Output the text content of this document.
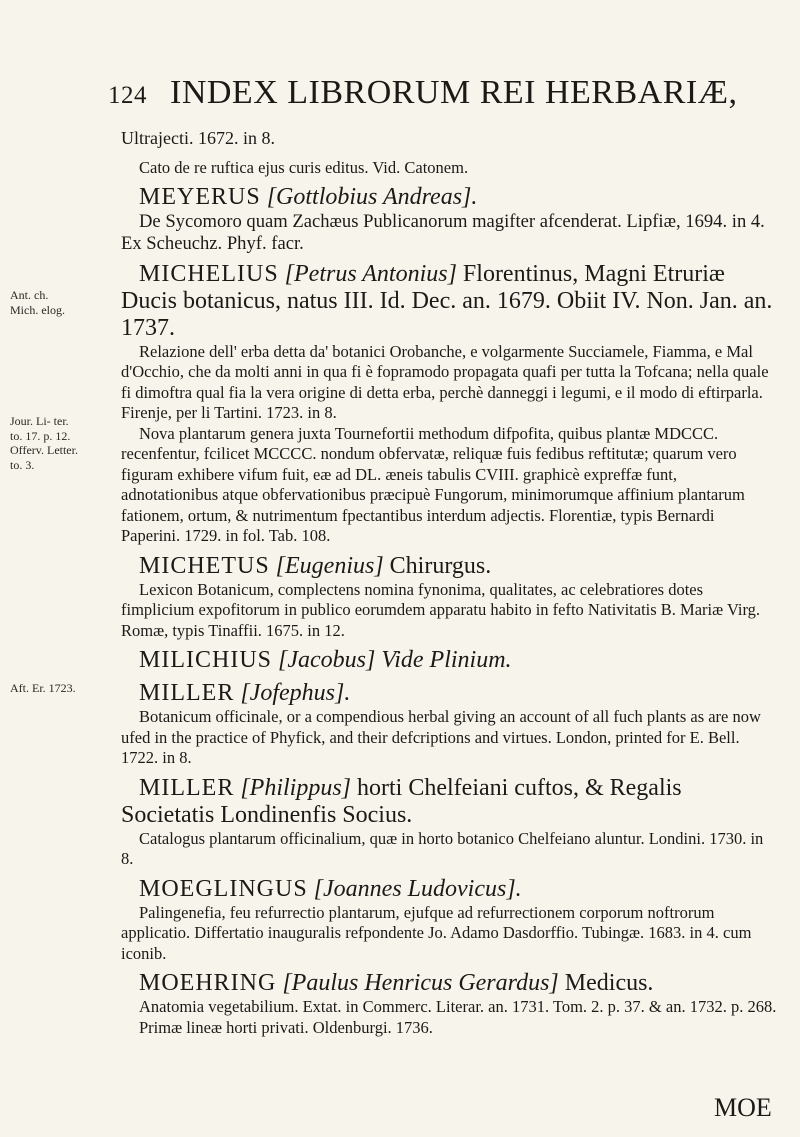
124 INDEX LIBRORUM REI HERBARIÆ,
Ant. ch. Mich. elog.
Jour. Li- ter. to. 17. p. 12. Offerv. Letter. to. 3.
Aft. Er. 1723.

Ultrajecti. 1672. in 8.

Cato de re ruftica ejus curis editus. Vid. Catonem.

MEYERUS [Gottlobius Andreas].

De Sycomoro quam Zachæus Publicanorum magifter afcenderat. Lipfiæ, 1694. in 4. Ex Scheuchz. Phyf. facr.

MICHELIUS [Petrus Antonius] Florentinus, Magni Etruriæ Ducis botanicus, natus III. Id. Dec. an. 1679. Obiit IV. Non. Jan. an. 1737.

Relazione dell' erba detta da' botanici Orobanche, e volgarmente Succiamele, Fiamma, e Mal d'Occhio, che da molti anni in qua fi è fopramodo propagata quafi per tutta la Tofcana; nella quale fi dimoftra qual fia la vera origine di detta erba, perchè danneggi i legumi, e il modo di eftirparla. Firenje, per li Tartini. 1723. in 8.

Nova plantarum genera juxta Tournefortii methodum difpofita, quibus plantæ MDCCC. recenfentur, fcilicet MCCCC. nondum obfervatæ, reliquæ fuis fedibus reftitutæ; quarum vero figuram exhibere vifum fuit, eæ ad DL. æneis tabulis CVIII. graphicè expreffæ funt, adnotationibus atque obfervationibus præcipuè Fungorum, minimorumque affinium plantarum fationem, ortum, & nutrimentum fpectantibus interdum adjectis. Florentiæ, typis Bernardi Paperini. 1729. in fol. Tab. 108.

MICHETUS [Eugenius] Chirurgus.

Lexicon Botanicum, complectens nomina fynonima, qualitates, ac celebratiores dotes fimplicium expofitorum in publico eorumdem apparatu habito in fefto Nativitatis B. Mariæ Virg. Romæ, typis Tinaffii. 1675. in 12.

MILICHIUS [Jacobus] Vide Plinium.

MILLER [Jofephus].

Botanicum officinale, or a compendious herbal giving an account of all fuch plants as are now ufed in the practice of Phyfick, and their defcriptions and virtues. London, printed for E. Bell. 1722. in 8.

MILLER [Philippus] horti Chelfeiani cuftos, & Regalis Societatis Londinenfis Socius.

Catalogus plantarum officinalium, quæ in horto botanico Chelfeiano aluntur. Londini. 1730. in 8.

MOEGLINGUS [Joannes Ludovicus].

Palingenefia, feu refurrectio plantarum, ejufque ad refurrectionem corporum noftrorum applicatio. Differtatio inauguralis refpondente Jo. Adamo Dasdorffio. Tubingæ. 1683. in 4. cum iconib.

MOEHRING [Paulus Henricus Gerardus] Medicus.

Anatomia vegetabilium. Extat. in Commerc. Literar. an. 1731. Tom. 2. p. 37. & an. 1732. p. 268.

Primæ lineæ horti privati. Oldenburgi. 1736.

MOE
